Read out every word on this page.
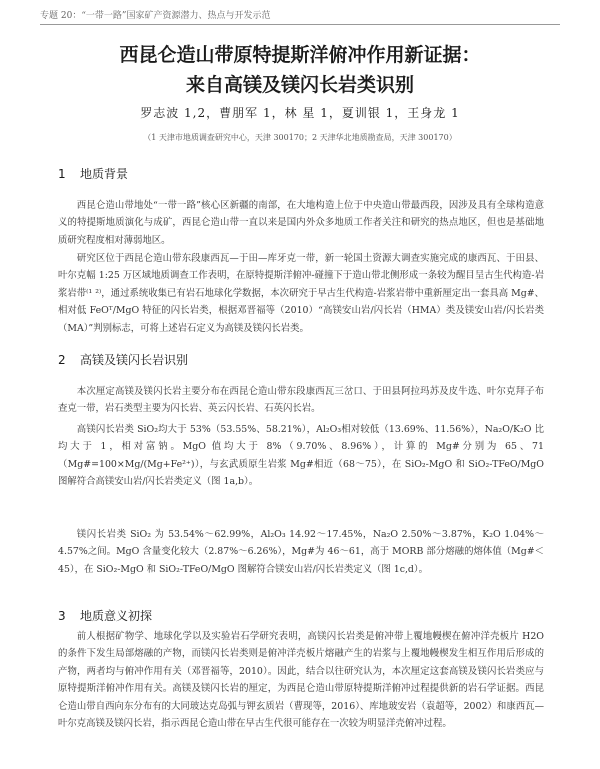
专题 20：“一带一路”国家矿产资源潜力、热点与开发示范
西昆仑造山带原特提斯洋俯冲作用新证据：
来自高镁及镁闪长岩类识别
罗志波 1,2，曹朋军 1，林 星 1，夏训银 1，王身龙 1
（1 天津市地质调查研究中心，天津 300170；2 天津华北地质勘查局，天津 300170）
1 地质背景

西昆仑造山带地处“一带一路”核心区新疆的南部，在大地构造上位于中央造山带最西段，因涉及具有全球构造意义的特提斯地质演化与成矿，西昆仑造山带一直以来是国内外众多地质工作者关注和研究的热点地区，但也是基础地质研究程度相对薄弱地区。

研究区位于西昆仑造山带东段康西瓦—于田—库牙克一带，新一轮国土资源大调查实施完成的康西瓦、于田县、叶尔克幅 1:25 万区域地质调查工作表明，在原特提斯洋俯冲-碰撞下于造山带北侧形成一条较为醒目呈古生代构造-岩浆岩带⁽¹ ²⁾，通过系统收集已有岩石地球化学数据，本次研究于早古生代构造-岩浆岩带中重新厘定出一套具高 Mg#、相对低 FeOᵀ/MgO 特征的闪长岩类，根据邓晋福等（2010）“高镁安山岩/闪长岩（HMA）类及镁安山岩/闪长岩类（MA）”判别标志，可将上述岩石定义为高镁及镁闪长岩类。

2 高镁及镁闪长岩识别

本次厘定高镁及镁闪长岩主要分布在西昆仑造山带东段康西瓦三岔口、于田县阿拉玛苏及皮牛选、叶尔克拜子布查克一带，岩石类型主要为闪长岩、英云闪长岩、石英闪长岩。

高镁闪长岩类 SiO₂均大于 53%（53.55%、58.21%），Al₂O₃相对较低（13.69%、11.56%），Na₂O/K₂O 比均大于 1，相对富钠。MgO 值均大于 8%（9.70%、8.96%），计算的 Mg#分别为 65、71（Mg#=100×Mg/(Mg+Fe²⁺)），与玄武质原生岩浆 Mg#相近（68～75），在 SiO₂-MgO 和 SiO₂-TFeO/MgO 图解符合高镁安山岩/闪长岩类定义（图 1a,b）。

镁闪长岩类 SiO₂ 为 53.54%～62.99%，Al₂O₃ 14.92～17.45%，Na₂O 2.50%～3.87%，K₂O 1.04%～4.57%之间。MgO 含量变化较大（2.87%～6.26%），Mg#为 46～61，高于 MORB 部分熔融的熔体值（Mg#＜45），在 SiO₂-MgO 和 SiO₂-TFeO/MgO 图解符合镁安山岩/闪长岩类定义（图 1c,d）。

3 地质意义初探

前人根据矿物学、地球化学以及实验岩石学研究表明，高镁闪长岩类是俯冲带上覆地幔楔在俯冲洋壳板片 H2O 的条件下发生局部熔融的产物，而镁闪长岩类则是俯冲洋壳板片熔融产生的岩浆与上覆地幔楔发生相互作用后形成的产物，两者均与俯冲作用有关（邓晋福等，2010）。因此，结合以往研究认为，本次厘定这套高镁及镁闪长岩类应与原特提斯洋俯冲作用有关。高镁及镁闪长岩的厘定，为西昆仑造山带原特提斯洋俯冲过程提供新的岩石学证据。西昆仑造山带自西向东分布有的大同玻达克岛弧与钾玄质岩（曹现等，2016）、库地玻安岩（袁超等，2002）和康西瓦—叶尔克高镁及镁闪长岩，指示西昆仑造山带在早古生代很可能存在一次较为明显洋壳俯冲过程。
